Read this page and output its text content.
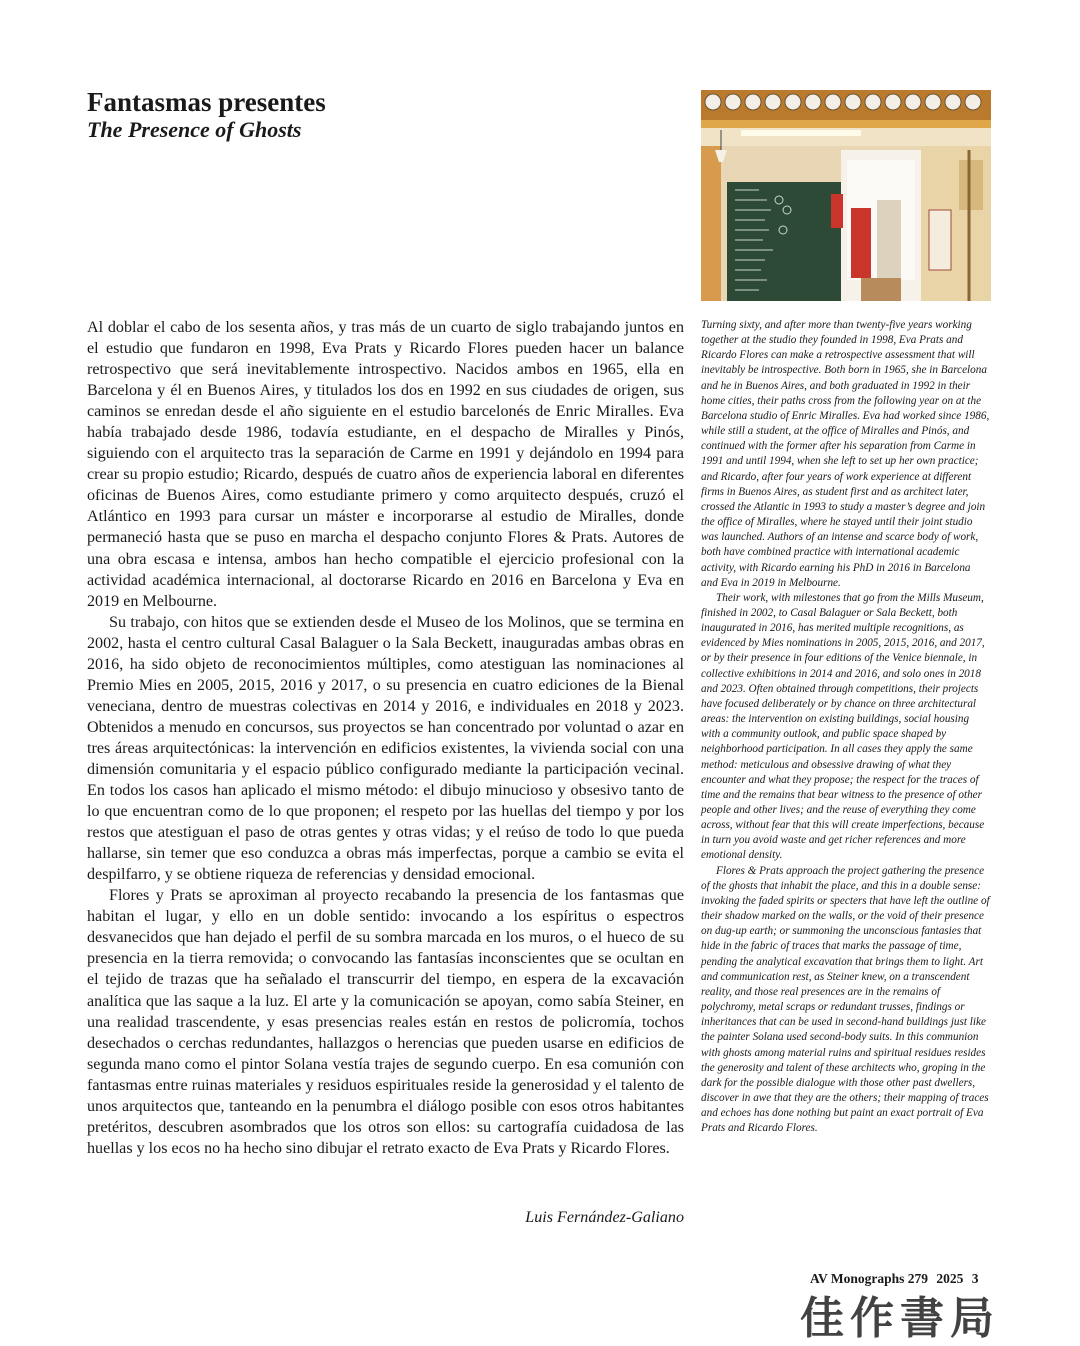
Fantasmas presentes
The Presence of Ghosts

Al doblar el cabo de los sesenta años, y tras más de un cuarto de siglo trabajando juntos en el estudio que fundaron en 1998, Eva Prats y Ricardo Flores pueden hacer un balance retrospectivo que será inevitablemente introspectivo. Nacidos ambos en 1965, ella en Barcelona y él en Buenos Aires, y titulados los dos en 1992 en sus ciudades de origen, sus caminos se enredan desde el año siguiente en el estudio barcelonés de Enric Miralles. Eva había trabajado desde 1986, todavía estudiante, en el despacho de Miralles y Pinós, siguiendo con el arquitecto tras la separación de Carme en 1991 y dejándolo en 1994 para crear su propio estudio; Ricardo, después de cuatro años de experiencia laboral en diferentes oficinas de Buenos Aires, como estudiante primero y como arquitecto después, cruzó el Atlántico en 1993 para cursar un máster e incorporarse al estudio de Miralles, donde permaneció hasta que se puso en marcha el despacho conjunto Flores & Prats. Autores de una obra escasa e intensa, ambos han hecho compatible el ejercicio profesional con la actividad académica internacional, al doctorarse Ricardo en 2016 en Barcelona y Eva en 2019 en Melbourne.

Su trabajo, con hitos que se extienden desde el Museo de los Molinos, que se termina en 2002, hasta el centro cultural Casal Balaguer o la Sala Beckett, inauguradas ambas obras en 2016, ha sido objeto de reconocimientos múltiples, como atestiguan las nominaciones al Premio Mies en 2005, 2015, 2016 y 2017, o su presencia en cuatro ediciones de la Bienal veneciana, dentro de muestras colectivas en 2014 y 2016, e individuales en 2018 y 2023. Obtenidos a menudo en concursos, sus proyectos se han concentrado por voluntad o azar en tres áreas arquitectónicas: la intervención en edificios existentes, la vivienda social con una dimensión comunitaria y el espacio público configurado mediante la participación vecinal. En todos los casos han aplicado el mismo método: el dibujo minucioso y obsesivo tanto de lo que encuentran como de lo que proponen; el respeto por las huellas del tiempo y por los restos que atestiguan el paso de otras gentes y otras vidas; y el reúso de todo lo que pueda hallarse, sin temer que eso conduzca a obras más imperfectas, porque a cambio se evita el despilfarro, y se obtiene riqueza de referencias y densidad emocional.

Flores y Prats se aproximan al proyecto recabando la presencia de los fantasmas que habitan el lugar, y ello en un doble sentido: invocando a los espíritus o espectros desvanecidos que han dejado el perfil de su sombra marcada en los muros, o el hueco de su presencia en la tierra removida; o convocando las fantasías inconscientes que se ocultan en el tejido de trazas que ha señalado el transcurrir del tiempo, en espera de la excavación analítica que las saque a la luz. El arte y la comunicación se apoyan, como sabía Steiner, en una realidad trascendente, y esas presencias reales están en restos de policromía, tochos desechados o cerchas redundantes, hallazgos o herencias que pueden usarse en edificios de segunda mano como el pintor Solana vestía trajes de segundo cuerpo. En esa comunión con fantasmas entre ruinas materiales y residuos espirituales reside la generosidad y el talento de unos arquitectos que, tanteando en la penumbra el diálogo posible con esos otros habitantes pretéritos, descubren asombrados que los otros son ellos: su cartografía cuidadosa de las huellas y los ecos no ha hecho sino dibujar el retrato exacto de Eva Prats y Ricardo Flores.

Luis Fernández-Galiano

Turning sixty, and after more than twenty-five years working together at the studio they founded in 1998, Eva Prats and Ricardo Flores can make a retrospective assessment that will inevitably be introspective. Both born in 1965, she in Barcelona and he in Buenos Aires, and both graduated in 1992 in their home cities, their paths cross from the following year on at the Barcelona studio of Enric Miralles. Eva had worked since 1986, while still a student, at the office of Miralles and Pinós, and continued with the former after his separation from Carme in 1991 and until 1994, when she left to set up her own practice; and Ricardo, after four years of work experience at different firms in Buenos Aires, as student first and as architect later, crossed the Atlantic in 1993 to study a master’s degree and join the office of Miralles, where he stayed until their joint studio was launched. Authors of an intense and scarce body of work, both have combined practice with international academic activity, with Ricardo earning his PhD in 2016 in Barcelona and Eva in 2019 in Melbourne.

Their work, with milestones that go from the Mills Museum, finished in 2002, to Casal Balaguer or Sala Beckett, both inaugurated in 2016, has merited multiple recognitions, as evidenced by Mies nominations in 2005, 2015, 2016, and 2017, or by their presence in four editions of the Venice biennale, in collective exhibitions in 2014 and 2016, and solo ones in 2018 and 2023. Often obtained through competitions, their projects have focused deliberately or by chance on three architectural areas: the intervention on existing buildings, social housing with a community outlook, and public space shaped by neighborhood participation. In all cases they apply the same method: meticulous and obsessive drawing of what they encounter and what they propose; the respect for the traces of time and the remains that bear witness to the presence of other people and other lives; and the reuse of everything they come across, without fear that this will create imperfections, because in turn you avoid waste and get richer references and more emotional density.

Flores & Prats approach the project gathering the presence of the ghosts that inhabit the place, and this in a double sense: invoking the faded spirits or specters that have left the outline of their shadow marked on the walls, or the void of their presence on dug-up earth; or summoning the unconscious fantasies that hide in the fabric of traces that marks the passage of time, pending the analytical excavation that brings them to light. Art and communication rest, as Steiner knew, on a transcendent reality, and those real presences are in the remains of polychromy, metal scraps or redundant trusses, findings or inheritances that can be used in second-hand buildings just like the painter Solana used second-body suits. In this communion with ghosts among material ruins and spiritual residues resides the generosity and talent of these architects who, groping in the dark for the possible dialogue with those other past dwellers, discover in awe that they are the others; their mapping of traces and echoes has done nothing but paint an exact portrait of Eva Prats and Ricardo Flores.

AV Monographs 279 2025 3
佳作書局
